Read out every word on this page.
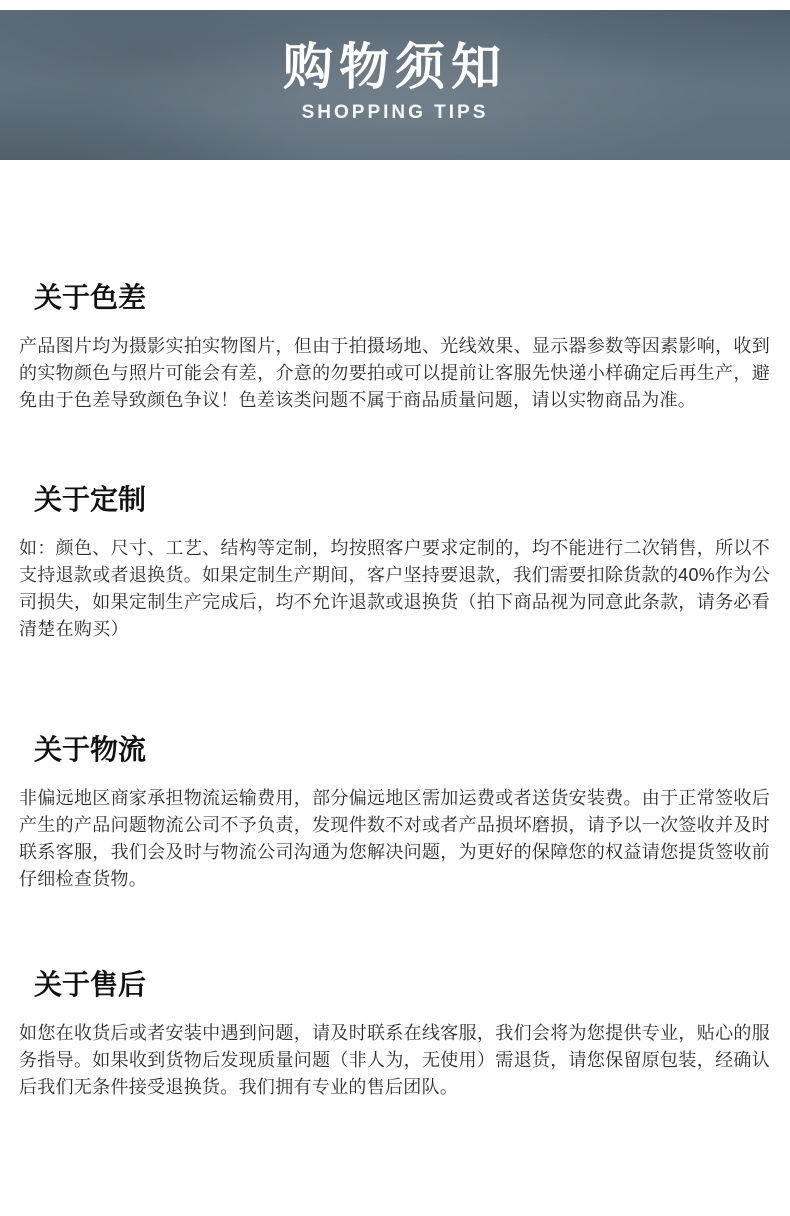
购物须知
SHOPPING TIPS
关于色差

产品图片均为摄影实拍实物图片，但由于拍摄场地、光线效果、显示器参数等因素影响，收到的实物颜色与照片可能会有差，介意的勿要拍或可以提前让客服先快递小样确定后再生产，避免由于色差导致颜色争议！色差该类问题不属于商品质量问题，请以实物商品为准。

关于定制

如：颜色、尺寸、工艺、结构等定制，均按照客户要求定制的，均不能进行二次销售，所以不支持退款或者退换货。如果定制生产期间，客户坚持要退款，我们需要扣除货款的40%作为公司损失，如果定制生产完成后，均不允许退款或退换货（拍下商品视为同意此条款，请务必看清楚在购买）

关于物流

非偏远地区商家承担物流运输费用，部分偏远地区需加运费或者送货安装费。由于正常签收后产生的产品问题物流公司不予负责，发现件数不对或者产品损坏磨损，请予以一次签收并及时联系客服，我们会及时与物流公司沟通为您解决问题，为更好的保障您的权益请您提货签收前仔细检查货物。

关于售后

如您在收货后或者安装中遇到问题，请及时联系在线客服，我们会将为您提供专业，贴心的服务指导。如果收到货物后发现质量问题（非人为，无使用）需退货，请您保留原包装，经确认后我们无条件接受退换货。我们拥有专业的售后团队。
